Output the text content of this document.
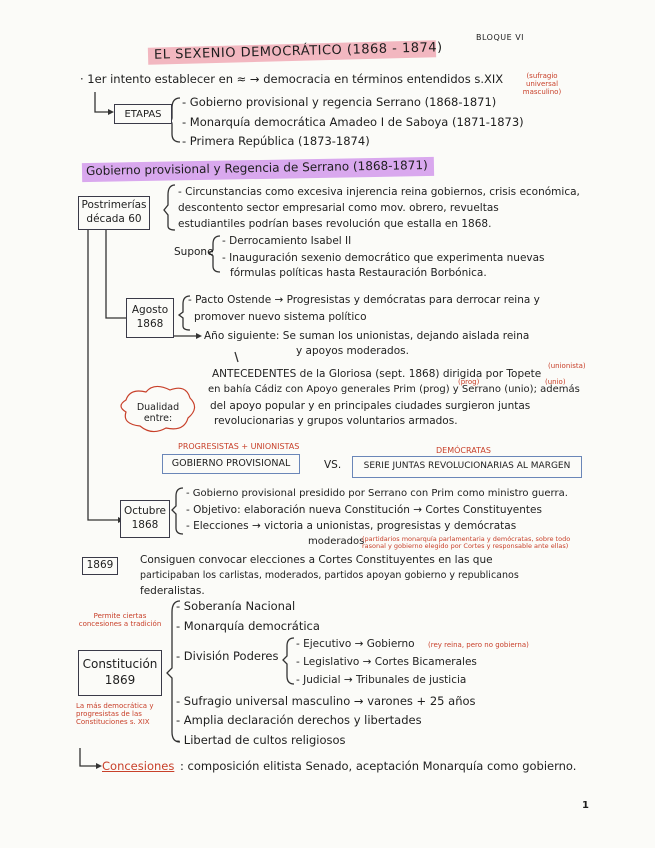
EL SEXENIO DEMOCRÁTICO (1868 - 1874)
BLOQUE VI
· 1er intento establecer en ≈ → democracia en términos entendidos s.XIX	(sufragio universal masculino)
ETAPAS
- Gobierno provisional y regencia Serrano (1868-1871)
- Monarquía democrática Amadeo I de Saboya (1871-1873)
- Primera República (1873-1874)
Gobierno provisional y Regencia de Serrano (1868-1871)
Postrimerías década 60
- Circunstancias como excesiva injerencia reina gobiernos, crisis económica,
descontento sector empresarial como mov. obrero, revueltas
estudiantiles podrían bases revolución que estalla en 1868.
Supone
- Derrocamiento Isabel II
- Inauguración sexenio democrático que experimenta nuevas
fórmulas políticas hasta Restauración Borbónica.
Agosto 1868
- Pacto Ostende → Progresistas y demócratas para derrocar reina y
promover nuevo sistema político
Año siguiente: Se suman los unionistas, dejando aislada reina
y apoyos moderados.
(unionista)
ANTECEDENTES de la Gloriosa (sept. 1868) dirigida por Topete
en bahía Cádiz con Apoyo generales Prim (prog) y Serrano (unio); además
(prog)	(unio)
del apoyo popular y en principales ciudades surgieron juntas
revolucionarias y grupos voluntarios armados.
Dualidad entre:
PROGRESISTAS + UNIONISTAS	DEMÓCRATAS
GOBIERNO PROVISIONAL	VS.	SERIE JUNTAS REVOLUCIONARIAS AL MARGEN
Octubre 1868
- Gobierno provisional presidido por Serrano con Prim como ministro guerra.
- Objetivo: elaboración nueva Constitución → Cortes Constituyentes
- Elecciones → victoria a unionistas, progresistas y demócratas
moderados
(partidarios monarquía parlamentaria y demócratas, sobre todo rasonal y gobierno elegido por Cortes y responsable ante ellas)
1869	Consiguen convocar elecciones a Cortes Constituyentes en las que
participaban los carlistas, moderados, partidos apoyan gobierno y republicanos
federalistas.
Permite ciertas concesiones a tradición
Constitución 1869
La más democrática y progresistas de las Constituciones s. XIX
- Soberanía Nacional
- Monarquía democrática
- División Poderes
- Ejecutivo → Gobierno (rey reina, pero no gobierna)
- Legislativo → Cortes Bicamerales
- Judicial → Tribunales de justicia
- Sufragio universal masculino → varones + 25 años
- Amplia declaración derechos y libertades
- Libertad de cultos religiosos
Concesiones : composición elitista Senado, aceptación Monarquía como gobierno.
1
